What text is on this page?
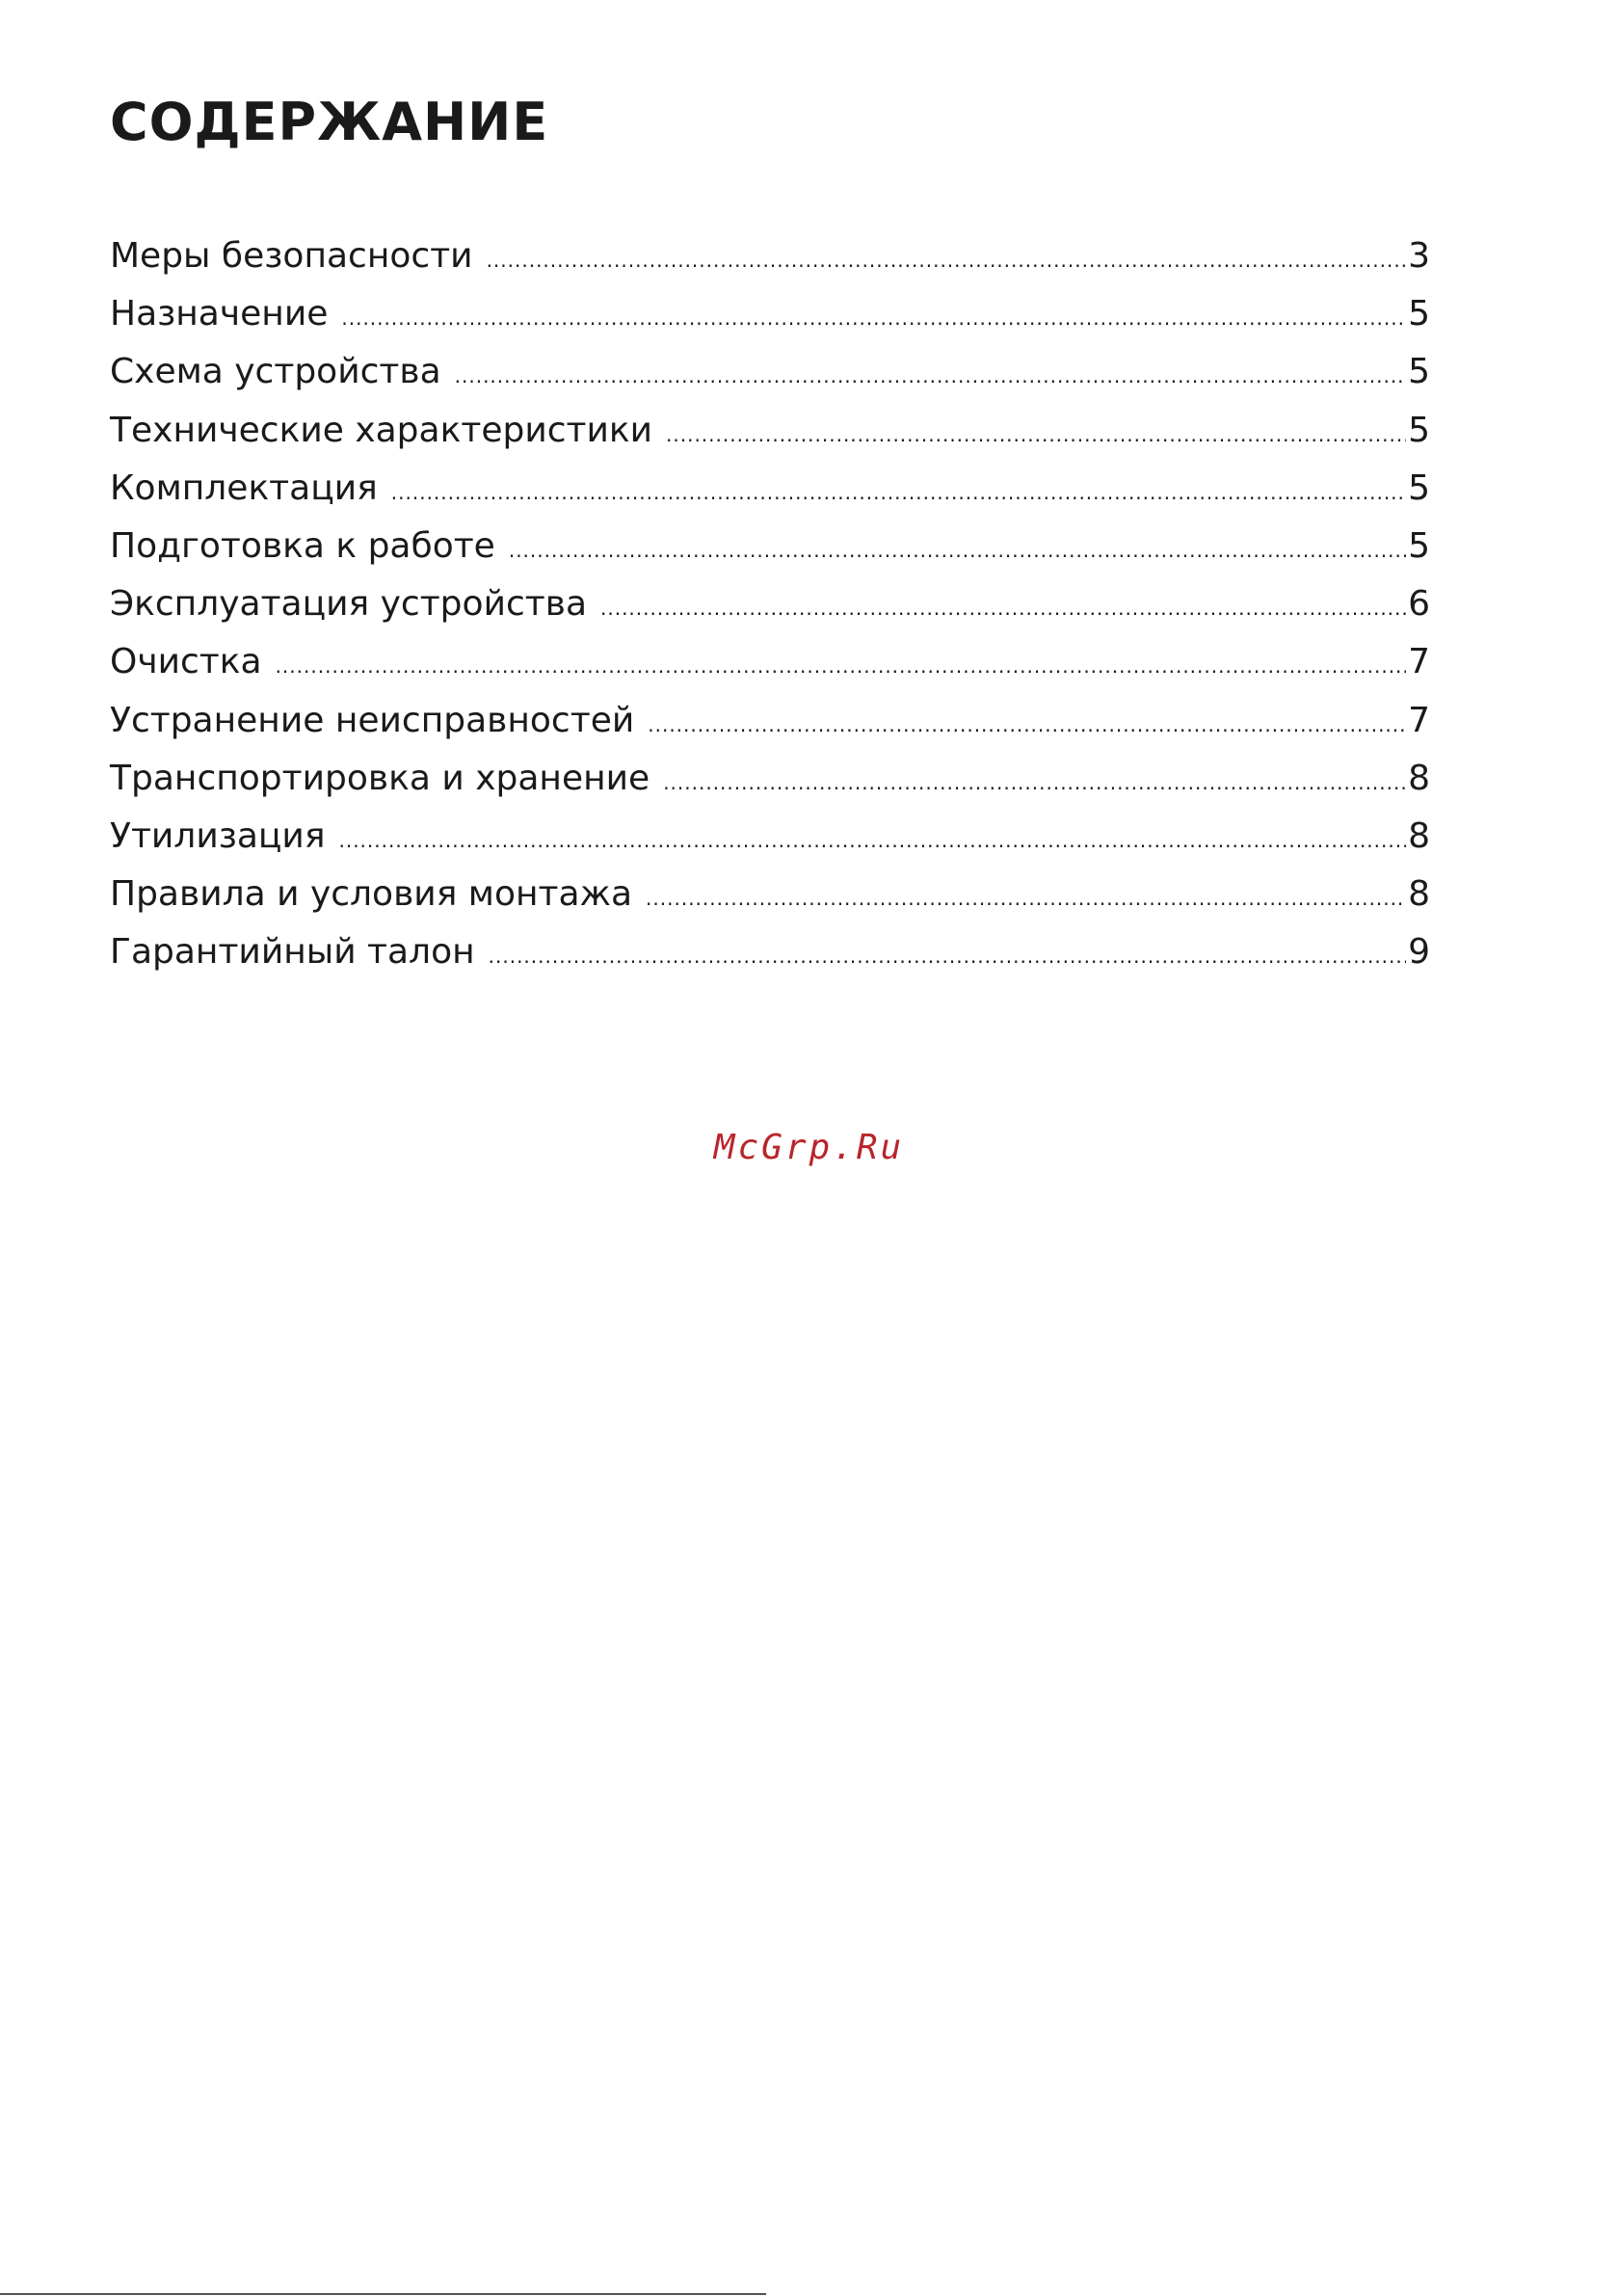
СОДЕРЖАНИЕ
Меры безопасности .....	3
Назначение .....	5
Схема устройства .....	5
Технические характеристики .....	5
Комплектация .....	5
Подготовка к работе .....	5
Эксплуатация устройства .....	6
Очистка .....	7
Устранение неисправностей .....	7
Транспортировка и хранение .....	8
Утилизация .....	8
Правила и условия монтажа .....	8
Гарантийный талон .....	9
McGrp.Ru
